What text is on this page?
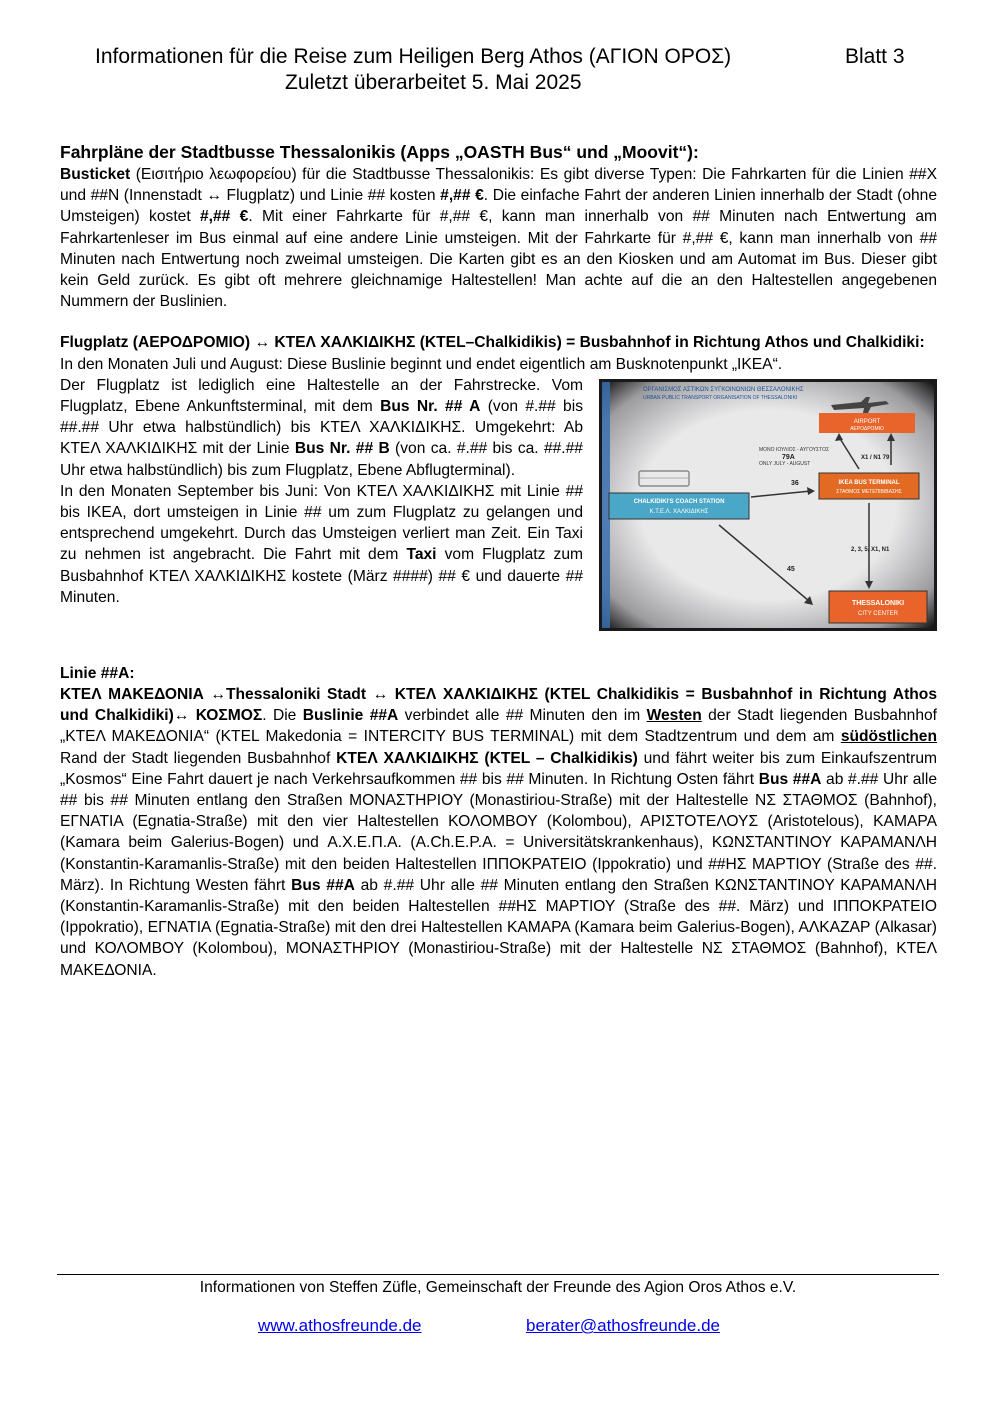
Informationen für die Reise zum Heiligen Berg Athos (ΑΓΙΟΝ ΟΡΟΣ)	Blatt 3
Zuletzt überarbeitet 5. Mai 2025
Fahrpläne der Stadtbusse Thessalonikis (Apps „OASTH Bus“ und „Moovit“):

Busticket (Εισιτήριο λεωφορείου) für die Stadtbusse Thessalonikis: Es gibt diverse Typen: Die Fahrkarten für die Linien ##X und ##N (Innenstadt ↔ Flugplatz) und Linie ## kosten #,## €. Die einfache Fahrt der anderen Linien innerhalb der Stadt (ohne Umsteigen) kostet #,## €. Mit einer Fahrkarte für #,## €, kann man innerhalb von ## Minuten nach Entwertung am Fahrkartenleser im Bus einmal auf eine andere Linie umsteigen. Mit der Fahrkarte für #,## €, kann man innerhalb von ## Minuten nach Entwertung noch zweimal umsteigen. Die Karten gibt es an den Kiosken und am Automat im Bus. Dieser gibt kein Geld zurück. Es gibt oft mehrere gleichnamige Haltestellen! Man achte auf die an den Haltestellen angegebenen Nummern der Buslinien.

Flugplatz (ΑΕΡΟΔΡΟΜΙΟ) ↔ ΚΤΕΛ ΧΑΛΚΙΔΙΚΗΣ (KTEL–Chalkidikis) = Busbahnhof in Richtung Athos und Chalkidiki:

In den Monaten Juli und August: Diese Buslinie beginnt und endet eigentlich am Busknotenpunkt „IKEA“.

ΟΡΓΑΝΙΣΜΟΣ ΑΣΤΙΚΩΝ ΣΥΓΚΟΙΝΩΝΙΩΝ ΘΕΣΣΑΛΟΝΙΚΗΣ
URBAN PUBLIC TRANSPORT ORGANISATION OF THESSALONIKI
AIRPORT
ΑΕΡΟΔΡΟΜΙΟ
ΜΟΝΟ ΙΟΥΛΙΟΣ - ΑΥΓΟΥΣΤΟΣ
79A
ONLY JULY - AUGUST
X1 / N1 79
CHALKIDIKI'S COACH STATION
Κ.Τ.Ε.Λ. ΧΑΛΚΙΔΙΚΗΣ
36	IKEA BUS TERMINAL
ΣΤΑΘΜΟΣ ΜΕΤΕΠΙΒΙΒΑΣΗΣ
45
2, 3, 5, X1, N1
THESSALONIKI
CITY CENTER

Der Flugplatz ist lediglich eine Haltestelle an der Fahrstrecke. Vom Flugplatz, Ebene Ankunftsterminal, mit dem Bus Nr. ## A (von #.## bis ##.## Uhr etwa halbstündlich) bis ΚΤΕΛ ΧΑΛΚΙΔΙΚΗΣ. Umgekehrt: Ab ΚΤΕΛ ΧΑΛΚΙΔΙΚΗΣ mit der Linie Bus Nr. ## B (von ca. #.## bis ca. ##.## Uhr etwa halbstündlich) bis zum Flugplatz, Ebene Abflugterminal).

In den Monaten September bis Juni: Von ΚΤΕΛ ΧΑΛΚΙΔΙΚΗΣ mit Linie ## bis IKEA, dort umsteigen in Linie ## um zum Flugplatz zu gelangen und entsprechend umgekehrt. Durch das Umsteigen verliert man Zeit. Ein Taxi zu nehmen ist angebracht. Die Fahrt mit dem Taxi vom Flugplatz zum Busbahnhof ΚΤΕΛ ΧΑΛΚΙΔΙΚΗΣ kostete (März ####) ## € und dauerte ## Minuten.

Linie ##A:

ΚΤΕΛ ΜΑΚΕΔΟΝΙΑ ↔Thessaloniki Stadt ↔ ΚΤΕΛ ΧΑΛΚΙΔΙΚΗΣ (KTEL Chalkidikis = Busbahnhof in Richtung Athos und Chalkidiki)↔ ΚΟΣΜΟΣ. Die Buslinie ##A verbindet alle ## Minuten den im Westen der Stadt liegenden Busbahnhof „ΚΤΕΛ ΜΑΚΕΔΟΝΙΑ“ (KTEL Makedonia = INTERCITY BUS TERMINAL) mit dem Stadtzentrum und dem am südöstlichen Rand der Stadt liegenden Busbahnhof ΚΤΕΛ ΧΑΛΚΙΔΙΚΗΣ (KTEL – Chalkidikis) und fährt weiter bis zum Einkaufszentrum „Kosmos“ Eine Fahrt dauert je nach Verkehrsaufkommen ## bis ## Minuten. In Richtung Osten fährt Bus ##A ab #.## Uhr alle ## bis ## Minuten entlang den Straßen ΜΟΝΑΣΤΗΡΙΟΥ (Monastiriou-Straße) mit der Haltestelle ΝΣ ΣΤΑΘΜΟΣ (Bahnhof), ΕΓΝΑΤΙΑ (Egnatia-Straße) mit den vier Haltestellen ΚΟΛΟΜΒΟΥ (Kolombou), ΑΡΙΣΤΟΤΕΛΟΥΣ (Aristotelous), ΚΑΜΑΡΑ (Kamara beim Galerius-Bogen) und Α.Χ.Ε.Π.Α. (A.Ch.E.P.A. = Universitätskrankenhaus), ΚΩΝΣΤΑΝΤΙΝΟΥ ΚΑΡΑΜΑΝΛΗ (Konstantin-Karamanlis-Straße) mit den beiden Haltestellen ΙΠΠΟΚΡΑΤΕΙΟ (Ippokratio) und ##ΗΣ ΜΑΡΤΙΟΥ (Straße des ##. März). In Richtung Westen fährt Bus ##A ab #.## Uhr alle ## Minuten entlang den Straßen ΚΩΝΣΤΑΝΤΙΝΟΥ ΚΑΡΑΜΑΝΛΗ (Konstantin-Karamanlis-Straße) mit den beiden Haltestellen ##ΗΣ ΜΑΡΤΙΟΥ (Straße des ##. März) und ΙΠΠΟΚΡΑΤΕΙΟ (Ippokratio), ΕΓΝΑΤΙΑ (Egnatia-Straße) mit den drei Haltestellen ΚΑΜΑΡΑ (Kamara beim Galerius-Bogen), ΑΛΚΑΖΑΡ (Alkasar) und ΚΟΛΟΜΒΟΥ (Kolombou), ΜΟΝΑΣΤΗΡΙΟΥ (Monastiriou-Straße) mit der Haltestelle ΝΣ ΣΤΑΘΜΟΣ (Bahnhof), ΚΤΕΛ ΜΑΚΕΔΟΝΙΑ.

Informationen von Steffen Züfle, Gemeinschaft der Freunde des Agion Oros Athos e.V.
www.athosfreunde.de	berater@athosfreunde.de
